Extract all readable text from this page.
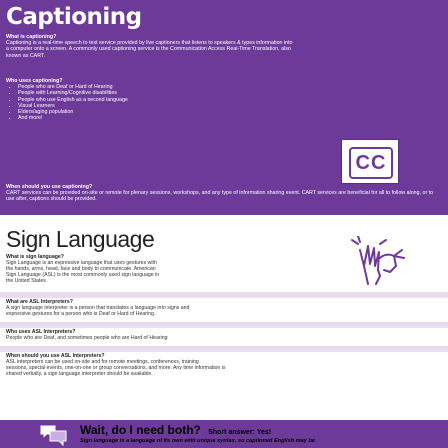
Captioning
What is captioning?
Captioning is a real-time speech to text service provided by live captioners that listens to speakers & types information into a computer onto a screen. A commonly used captioning service is the Communication Access Real-Time Translation, also known as CART.
Who uses captioning?
• People who are Deaf or Hard of Hearing
• People with Learning/Cognitive disabilities
• People who use English as a second language
• Visual Learners
• Elders/aging population
• And more!
When should you use captioning?
CART services can be provided on-site or remote for plenary sessions, workshops, and any type of information sharing event. CART services are beneficial for all to follow along, or to use after, captions should be provided.
CC
Sign Language
What is sign language?
Sign Language is an expressive language that uses gestures with
the hands, arms, head, face and body to communicate. American
Sign Language (ASL) is the most commonly used sign language in
the United States.
What are ASL Interpreters?
A sign language interpreter is a person that translates a language into signs and
expressive gestures for a person who is Deaf or Hard of Hearing.
Who uses ASL Interpreters?
People who are Deaf, and sometimes people who are Hard of Hearing
When should you use ASL Interpreters?
ASL interpreters can be used on-site and for remote meetings, conferences, training
sessions, special events, one-on-one or group conversations, and more. Any time information is
shared verbally, a sign language interpreter should be available.
Wait, do I need both? Short answer: Yes!
Sign language is a language of its own with unique syntax, so captioned English may be
